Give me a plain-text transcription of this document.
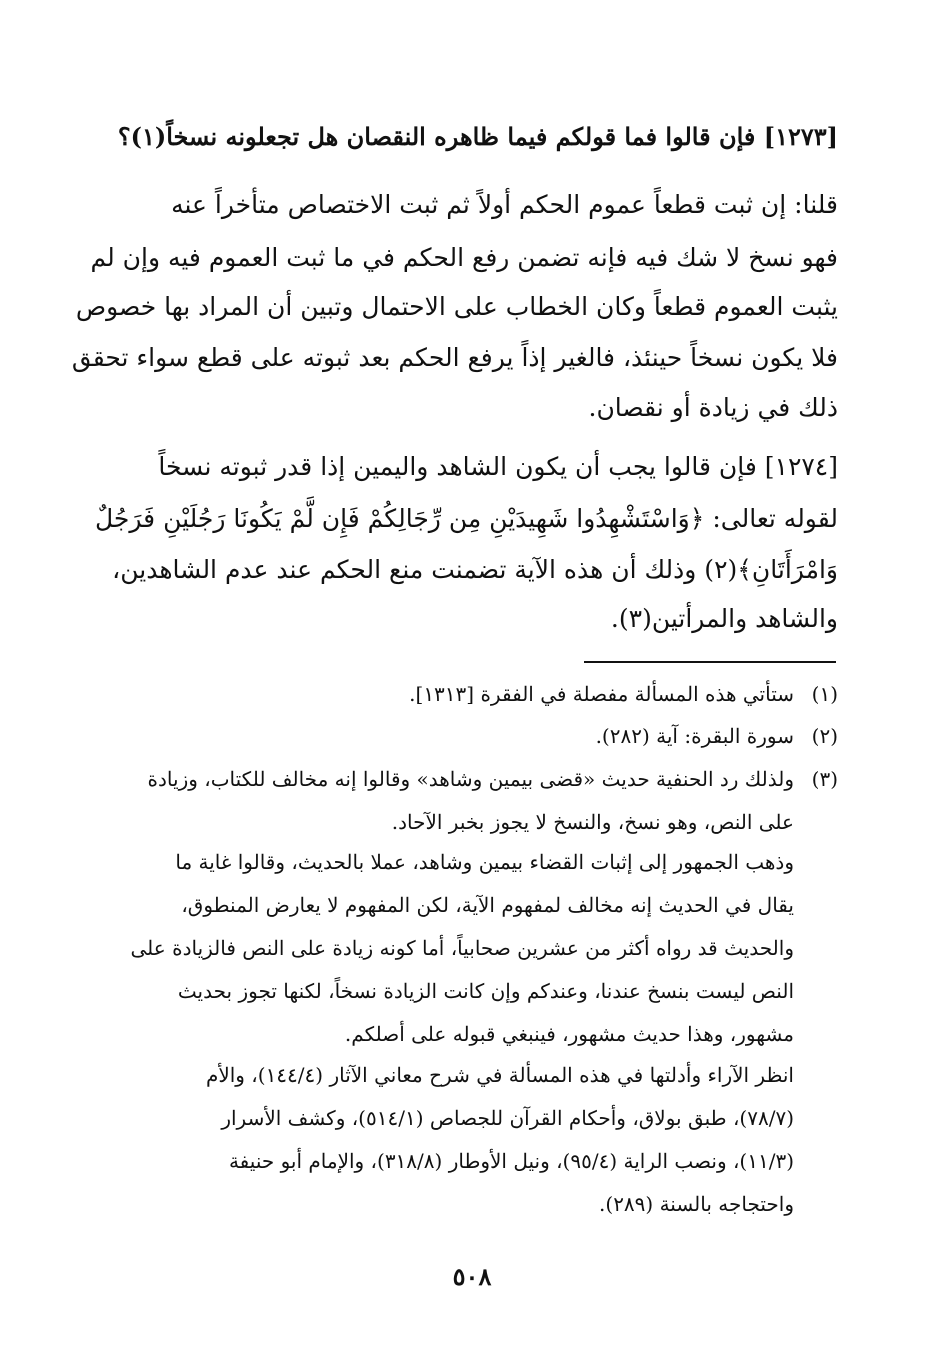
[١٢٧٣] فإن قالوا فما قولكم فيما ظاهره النقصان هل تجعلونه نسخاً(١)؟
قلنا: إن ثبت قطعاً عموم الحكم أولاً ثم ثبت الاختصاص متأخراً عنه
فهو نسخ لا شك فيه فإنه تضمن رفع الحكم في ما ثبت العموم فيه وإن لم
يثبت العموم قطعاً وكان الخطاب على الاحتمال وتبين أن المراد بها خصوص
فلا يكون نسخاً حينئذ، فالغير إذاً يرفع الحكم بعد ثبوته على قطع سواء تحقق
ذلك في زيادة أو نقصان.
[١٢٧٤] فإن قالوا يجب أن يكون الشاهد واليمين إذا قدر ثبوته نسخاً
لقوله تعالى: ﴿وَاسْتَشْهِدُوا شَهِيدَيْنِ مِن رِّجَالِكُمْ فَإِن لَّمْ يَكُونَا رَجُلَيْنِ فَرَجُلٌ
وَامْرَأَتَانِ﴾(٢) وذلك أن هذه الآية تضمنت منع الحكم عند عدم الشاهدين،
والشاهد والمرأتين(٣).
(١)
ستأتي هذه المسألة مفصلة في الفقرة [١٣١٣].
(٢)
سورة البقرة: آية (٢٨٢).
(٣)
ولذلك رد الحنفية حديث «قضى بيمين وشاهد» وقالوا إنه مخالف للكتاب، وزيادة
على النص، وهو نسخ، والنسخ لا يجوز بخبر الآحاد.
وذهب الجمهور إلى إثبات القضاء بيمين وشاهد، عملا بالحديث، وقالوا غاية ما
يقال في الحديث إنه مخالف لمفهوم الآية، لكن المفهوم لا يعارض المنطوق،
والحديث قد رواه أكثر من عشرين صحابياً، أما كونه زيادة على النص فالزيادة على
النص ليست بنسخ عندنا، وعندكم وإن كانت الزيادة نسخاً، لكنها تجوز بحديث
مشهور، وهذا حديث مشهور، فينبغي قبوله على أصلكم.
انظر الآراء وأدلتها في هذه المسألة في شرح معاني الآثار (١٤٤/٤)، والأم
(٧٨/٧)، طبق بولاق، وأحكام القرآن للجصاص (٥١٤/١)، وكشف الأسرار
(١١/٣)، ونصب الراية (٩٥/٤)، ونيل الأوطار (٣١٨/٨)، والإمام أبو حنيفة
واحتجاجه بالسنة (٢٨٩).
٥٠٨
